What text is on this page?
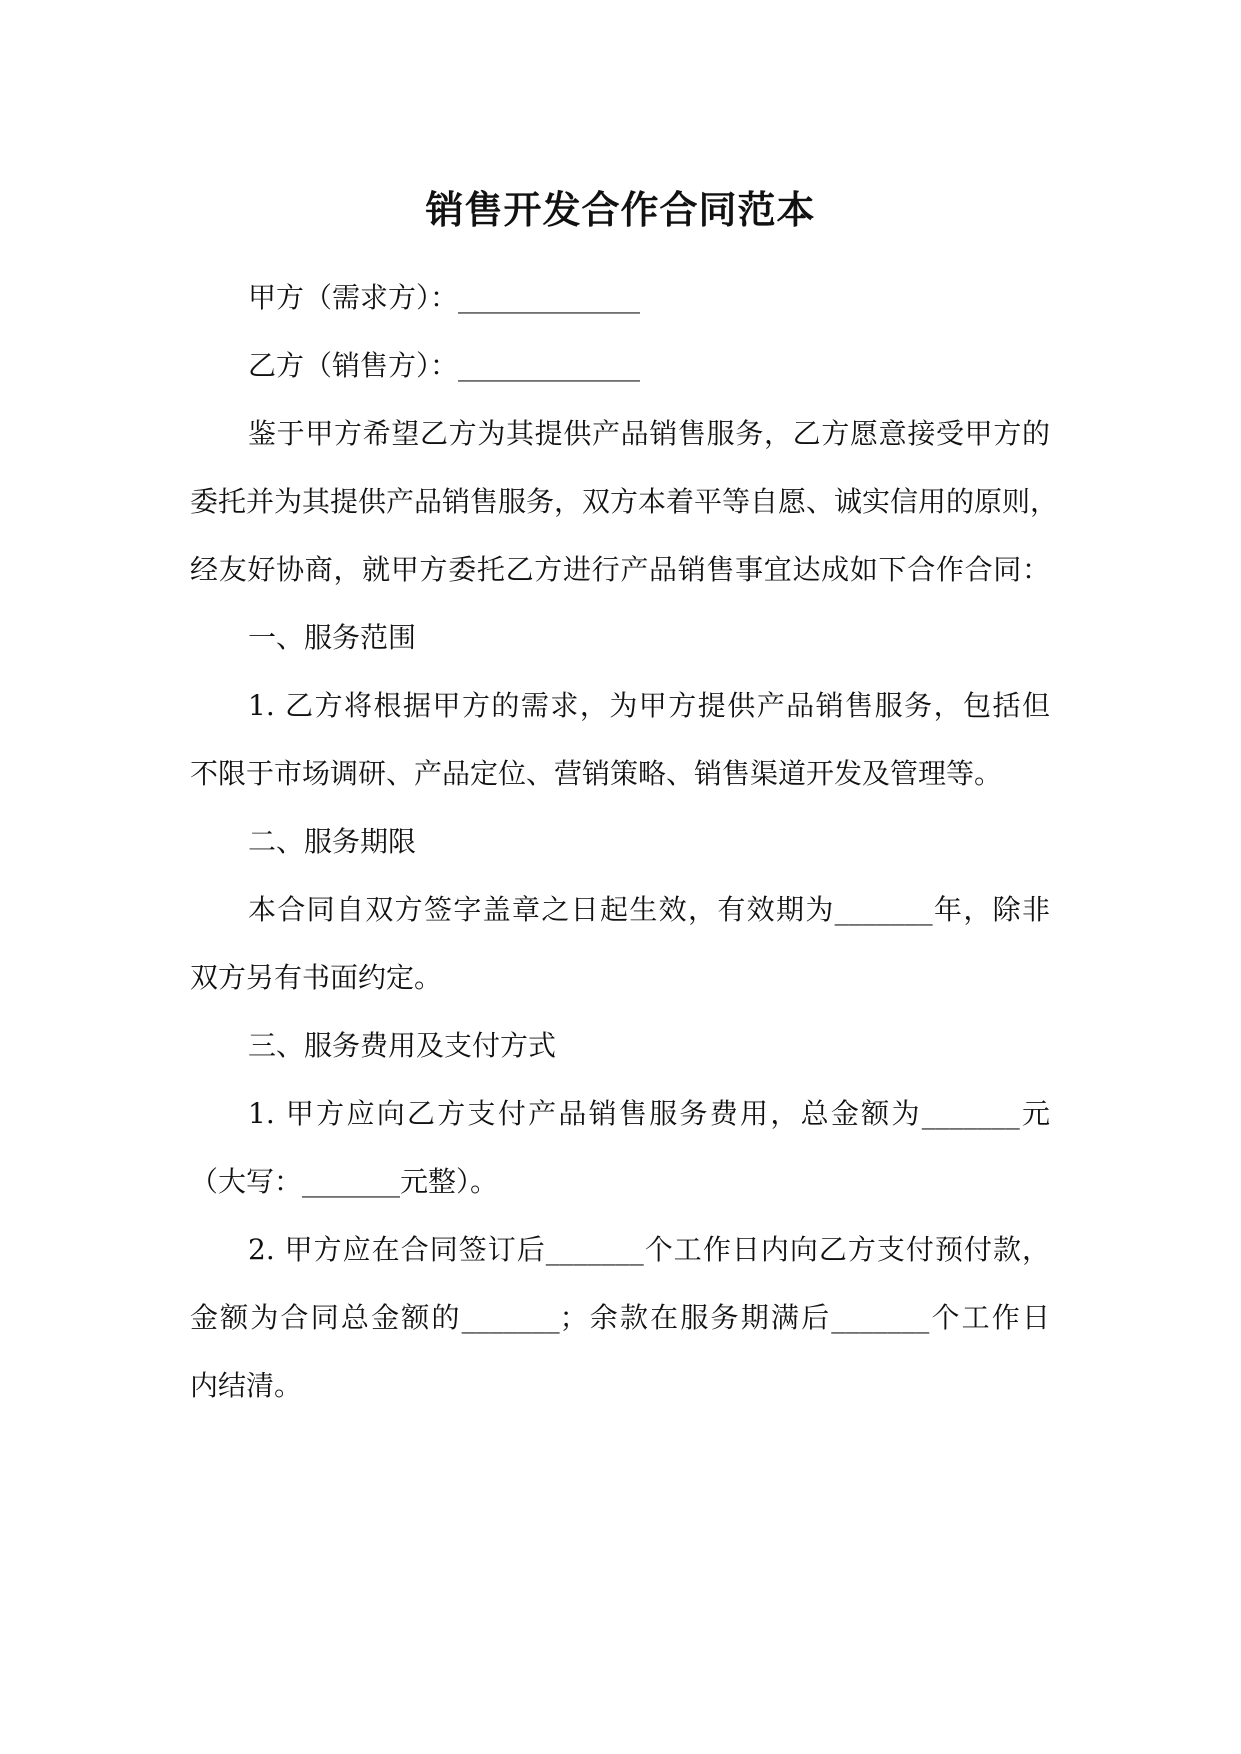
销售开发合作合同范本
甲方（需求方）：_____________
乙方（销售方）：_____________
鉴于甲方希望乙方为其提供产品销售服务，乙方愿意接受甲方的
委托并为其提供产品销售服务，双方本着平等自愿、诚实信用的原则，
经友好协商，就甲方委托乙方进行产品销售事宜达成如下合作合同：
一、服务范围
1. 乙方将根据甲方的需求，为甲方提供产品销售服务，包括但
不限于市场调研、产品定位、营销策略、销售渠道开发及管理等。
二、服务期限
本合同自双方签字盖章之日起生效，有效期为_______年，除非
双方另有书面约定。
三、服务费用及支付方式
1. 甲方应向乙方支付产品销售服务费用，总金额为_______元
（大写：_______元整）。
2. 甲方应在合同签订后_______个工作日内向乙方支付预付款，
金额为合同总金额的_______；余款在服务期满后_______个工作日
内结清。
